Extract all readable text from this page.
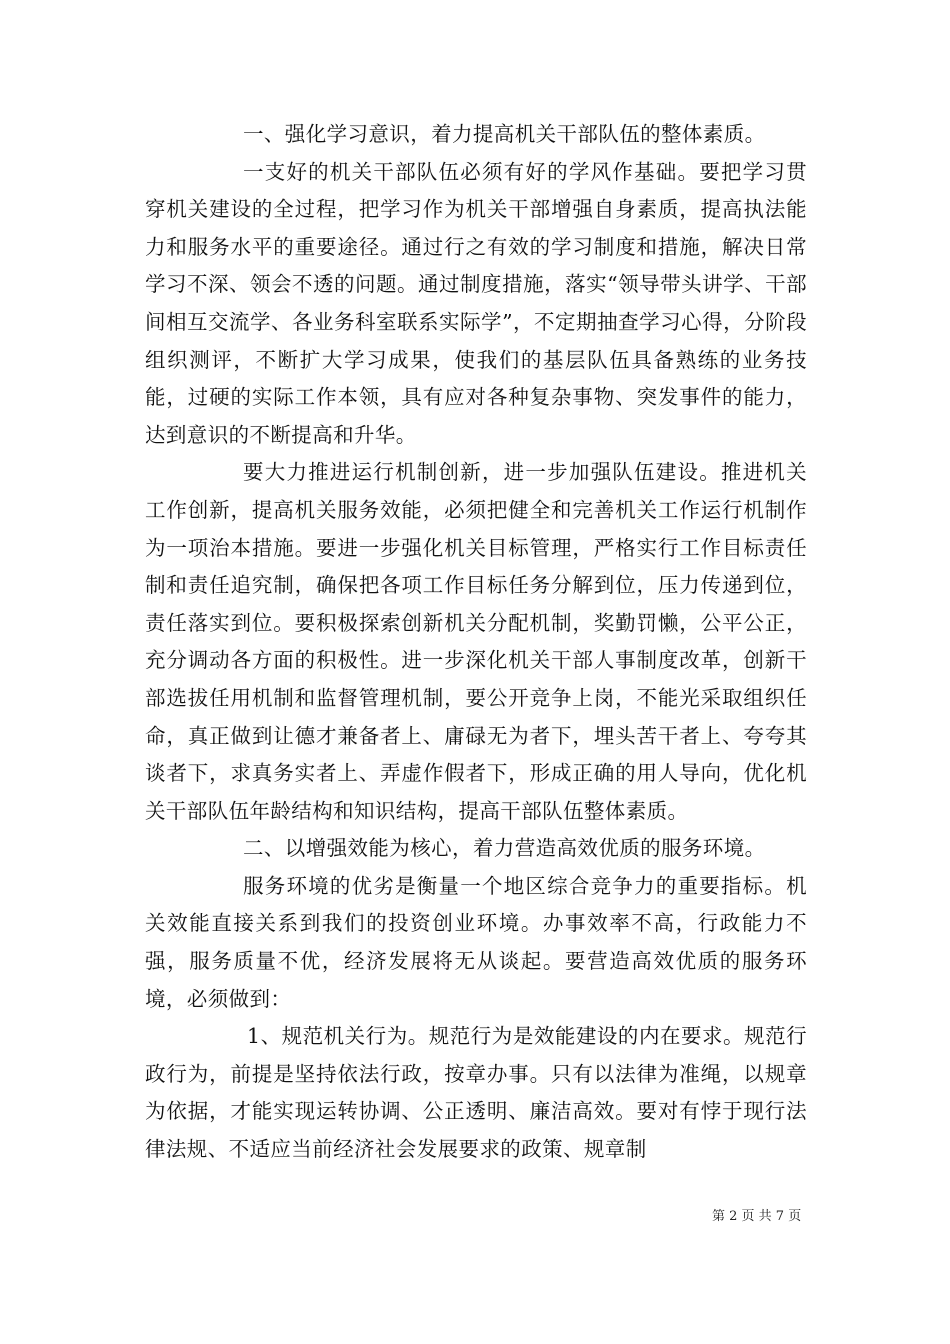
一、强化学习意识，着力提高机关干部队伍的整体素质。

一支好的机关干部队伍必须有好的学风作基础。要把学习贯穿机关建设的全过程，把学习作为机关干部增强自身素质，提高执法能力和服务水平的重要途径。通过行之有效的学习制度和措施，解决日常学习不深、领会不透的问题。通过制度措施，落实“领导带头讲学、干部间相互交流学、各业务科室联系实际学”，不定期抽查学习心得，分阶段组织测评，不断扩大学习成果，使我们的基层队伍具备熟练的业务技能，过硬的实际工作本领，具有应对各种复杂事物、突发事件的能力，达到意识的不断提高和升华。

要大力推进运行机制创新，进一步加强队伍建设。推进机关工作创新，提高机关服务效能，必须把健全和完善机关工作运行机制作为一项治本措施。要进一步强化机关目标管理，严格实行工作目标责任制和责任追究制，确保把各项工作目标任务分解到位，压力传递到位，责任落实到位。要积极探索创新机关分配机制，奖勤罚懒，公平公正，充分调动各方面的积极性。进一步深化机关干部人事制度改革，创新干部选拔任用机制和监督管理机制，要公开竞争上岗，不能光采取组织任命，真正做到让德才兼备者上、庸碌无为者下，埋头苦干者上、夸夸其谈者下，求真务实者上、弄虚作假者下，形成正确的用人导向，优化机关干部队伍年龄结构和知识结构，提高干部队伍整体素质。

二、以增强效能为核心，着力营造高效优质的服务环境。

服务环境的优劣是衡量一个地区综合竞争力的重要指标。机关效能直接关系到我们的投资创业环境。办事效率不高，行政能力不强，服务质量不优，经济发展将无从谈起。要营造高效优质的服务环境，必须做到：

1、规范机关行为。规范行为是效能建设的内在要求。规范行政行为，前提是坚持依法行政，按章办事。只有以法律为准绳，以规章为依据，才能实现运转协调、公正透明、廉洁高效。要对有悖于现行法律法规、不适应当前经济社会发展要求的政策、规章制

第 2 页 共 7 页
